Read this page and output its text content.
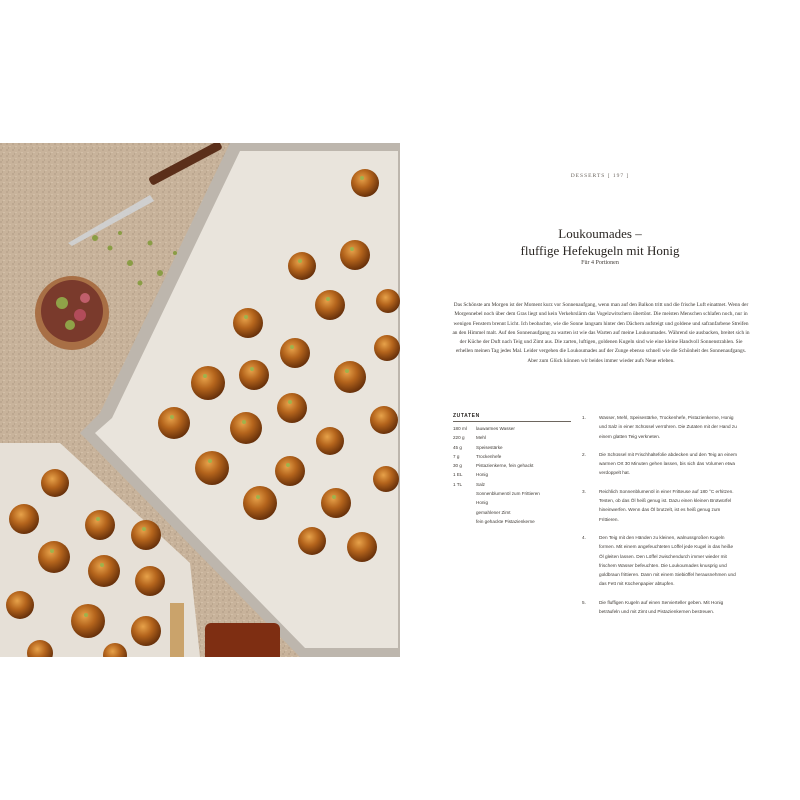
DESSERTS [ 197 ]
Loukoumades –
fluffige Hefekugeln mit Honig
Für 4 Portionen
Das Schönste am Morgen ist der Moment kurz vor Sonnenaufgang, wenn man auf den Balkon tritt und die frische Luft einatmet. Wenn der Morgennebel noch über dem Gras liegt und kein Verkehrslärm das Vogelzwitschern übertönt. Die meisten Menschen schlafen noch, nur in wenigen Fenstern brennt Licht. Ich beobachte, wie die Sonne langsam hinter den Dächern aufsteigt und goldene und safranfarbene Streifen an den Himmel malt. Auf den Sonnenaufgang zu warten ist wie das Warten auf meine Loukoumades. Während sie ausbacken, breitet sich in der Küche der Duft nach Teig und Zimt aus. Die zarten, luftigen, goldenen Kugeln sind wie eine kleine Handvoll Sonnenstrahlen. Sie erhellen meinen Tag jedes Mal. Leider vergehen die Loukoumades auf der Zunge ebenso schnell wie die Schönheit des Sonnenaufgangs. Aber zum Glück können wir beides immer wieder aufs Neue erleben.
ZUTATEN
180 ml	lauwarmes Wasser
220 g	Mehl
45 g	Speisestärke
7 g	Trockenhefe
30 g	Pistazienkerne, fein gehackt
1 EL	Honig
1 TL	Salz
Sonnenblumenöl zum Frittieren
Honig
gemahlener Zimt
fein gehackte Pistazienkerne
1.	Wasser, Mehl, Speisestärke, Trockenhefe, Pistazienkerne, Honig und Salz in einer Schüssel verrühren. Die Zutaten mit der Hand zu einem glatten Teig verkneten.
2.	Die Schüssel mit Frischhaltefolie abdecken und den Teig an einem warmen Ort 30 Minuten gehen lassen, bis sich das Volumen etwa verdoppelt hat.
3.	Reichlich Sonnenblumenöl in einer Fritteuse auf 180 °C erhitzen. Testen, ob das Öl heiß genug ist. Dazu einen kleinen Brotwürfel hineinwerfen. Wenn das Öl brutzelt, ist es heiß genug zum Frittieren.
4.	Den Teig mit den Händen zu kleinen, walnussgroßen Kugeln formen. Mit einem angefeuchteten Löffel jede Kugel in das heiße Öl gleiten lassen. Den Löffel zwischendurch immer wieder mit frischem Wasser befeuchten. Die Loukoumades knusprig und goldbraun frittieren. Dann mit einem Siebiöffel herausnehmen und das Fett mit Küchenpapier abtupfen.
5.	Die fluffigen Kugeln auf einen Servierteller geben. Mit Honig beträufeln und mit Zimt und Pistazienkernen bestreuen.
